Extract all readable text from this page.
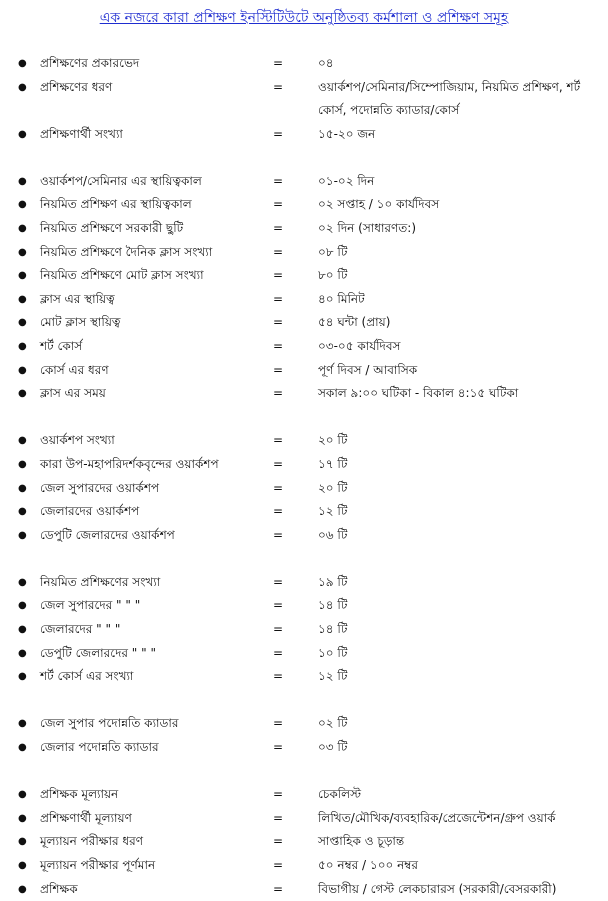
এক নজরে কারা প্রশিক্ষণ ইনস্টিটিউটে অনুষ্ঠিতব্য কর্মশালা ও প্রশিক্ষণ সমূহ
● প্রশিক্ষণের প্রকারভেদ	=	০৪
● প্রশিক্ষণের ধরণ	=	ওয়ার্কশপ/সেমিনার/সিম্পোজিয়াম, নিয়মিত প্রশিক্ষণ, শর্ট কোর্স, পদোন্নতি ক্যাডার/কোর্স
● প্রশিক্ষণার্থী সংখ্যা	=	১৫-২০ জন
● ওয়ার্কশপ/সেমিনার এর স্থায়িত্বকাল	=	০১-০২ দিন
● নিয়মিত প্রশিক্ষণ এর স্থায়িত্বকাল	=	০২ সপ্তাহ / ১০ কার্যদিবস
● নিয়মিত প্রশিক্ষণে সরকারী ছুটি	=	০২ দিন (সাধারণত:)
● নিয়মিত প্রশিক্ষণে দৈনিক ক্লাস সংখ্যা	=	০৮ টি
● নিয়মিত প্রশিক্ষণে মোট ক্লাস সংখ্যা	=	৮০ টি
● ক্লাস এর স্থায়িত্ব	=	৪০ মিনিট
● মোট ক্লাস স্থায়িত্ব	=	৫৪ ঘন্টা (প্রায়)
● শর্ট কোর্স	=	০৩-০৫ কার্যদিবস
● কোর্স এর ধরণ	=	পূর্ণ দিবস / আবাসিক
● ক্লাস এর সময়	=	সকাল ৯:০০ ঘটিকা - বিকাল ৪:১৫ ঘটিকা
● ওয়ার্কশপ সংখ্যা	=	২০ টি
● কারা উপ-মহাপরিদর্শকবৃন্দের ওয়ার্কশপ	=	১৭ টি
● জেল সুপারদের ওয়ার্কশপ	=	২০ টি
● জেলারদের ওয়ার্কশপ	=	১২ টি
● ডেপুটি জেলারদের ওয়ার্কশপ	=	০৬ টি
● নিয়মিত প্রশিক্ষণের সংখ্যা	=	১৯ টি
● জেল সুপারদের " " "	=	১৪ টি
● জেলারদের " " "	=	১৪ টি
● ডেপুটি জেলারদের " " "	=	১০ টি
● শর্ট কোর্স এর সংখ্যা	=	১২ টি
● জেল সুপার পদোন্নতি ক্যাডার	=	০২ টি
● জেলার পদোন্নতি ক্যাডার	=	০৩ টি
● প্রশিক্ষক মূল্যায়ন	=	চেকলিস্ট
● প্রশিক্ষণার্থী মূল্যায়ণ	=	লিখিত/মৌখিক/ব্যবহারিক/প্রেজেন্টেশন/গ্রুপ ওয়ার্ক
● মূল্যায়ন পরীক্ষার ধরণ	=	সাপ্তাহিক ও চূড়ান্ত
● মূল্যায়ন পরীক্ষার পূর্ণমান	=	৫০ নম্বর / ১০০ নম্বর
● প্রশিক্ষক	=	বিভাগীয় / গেস্ট লেকচারারস (সরকারী/বেসরকারী)
